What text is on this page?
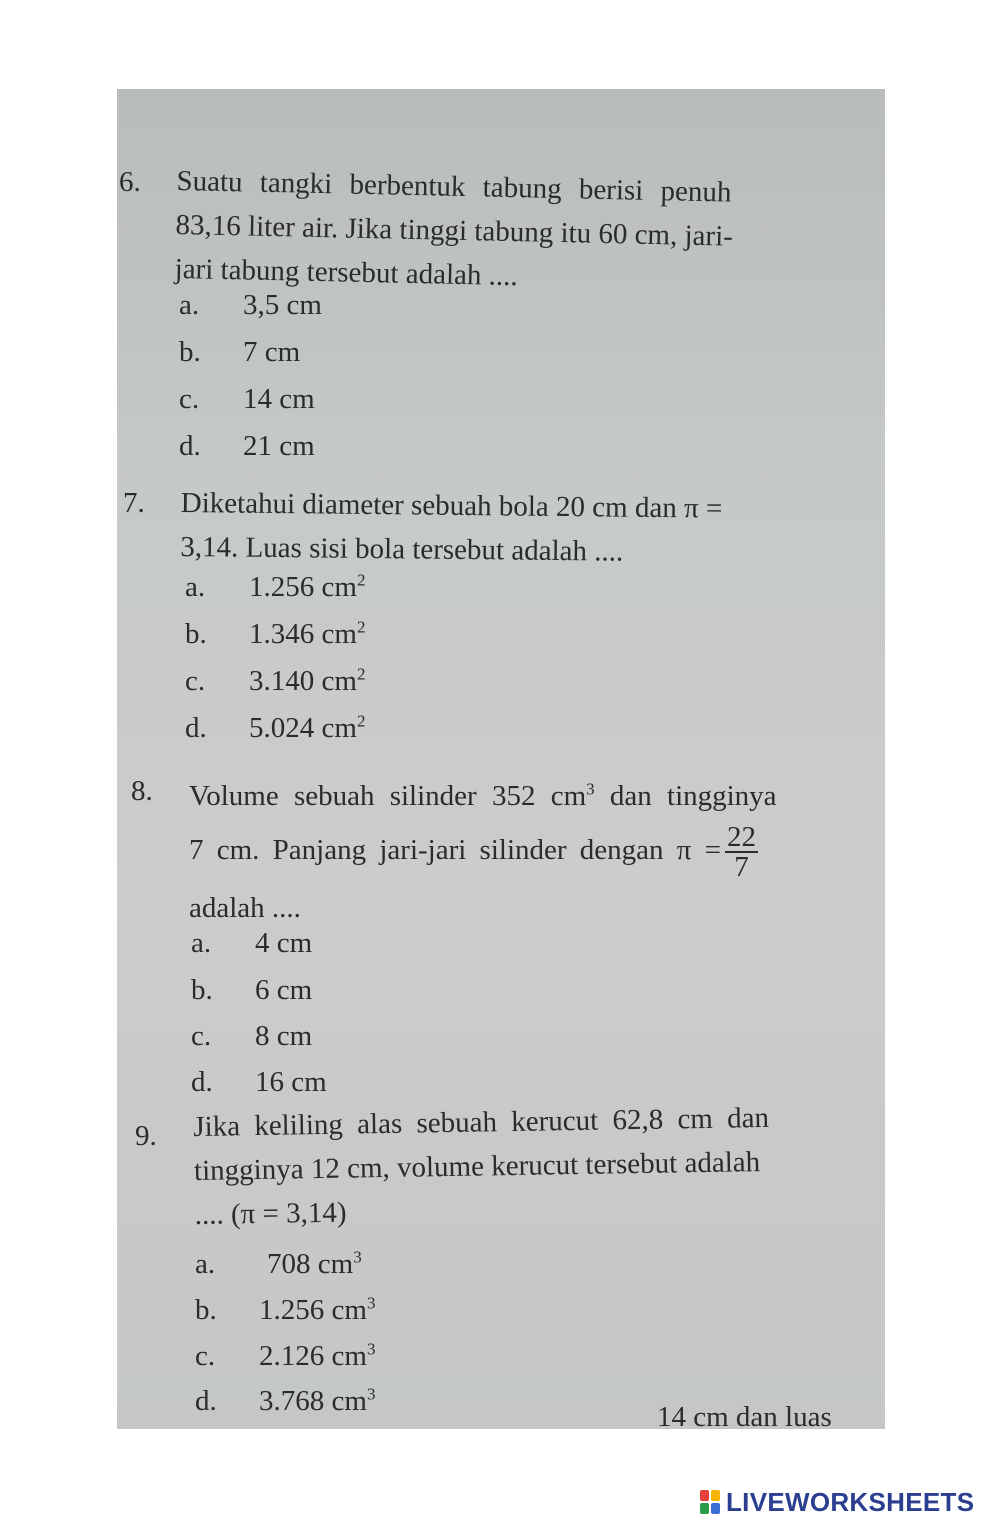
6. Suatu tangki berbentuk tabung berisi penuh
83,16 liter air. Jika tinggi tabung itu 60 cm, jari-
jari tabung tersebut adalah ....
a. 3,5 cm
b. 7 cm
c. 14 cm
d. 21 cm
7. Diketahui diameter sebuah bola 20 cm dan π =
3,14. Luas sisi bola tersebut adalah ....
a. 1.256 $cm^2$
b. 1.346 $cm^2$
c. 3.140 $cm^2$
d. 5.024 $cm^2$
8. Volume sebuah silinder 352 $cm^3$ dan tingginya
7 cm. Panjang jari-jari silinder dengan $\pi = \frac{22}{7}$
adalah ....
a. 4 cm
b. 6 cm
c. 8 cm
d. 16 cm
9. Jika keliling alas sebuah kerucut 62,8 cm dan
tingginya 12 cm, volume kerucut tersebut adalah
.... (π = 3,14)
a. 708 $cm^3$
b. 1.256 $cm^3$
c. 2.126 $cm^3$
d. 3.768 $cm^3$
14 cm dan luas
LIVEWORKSHEETS
